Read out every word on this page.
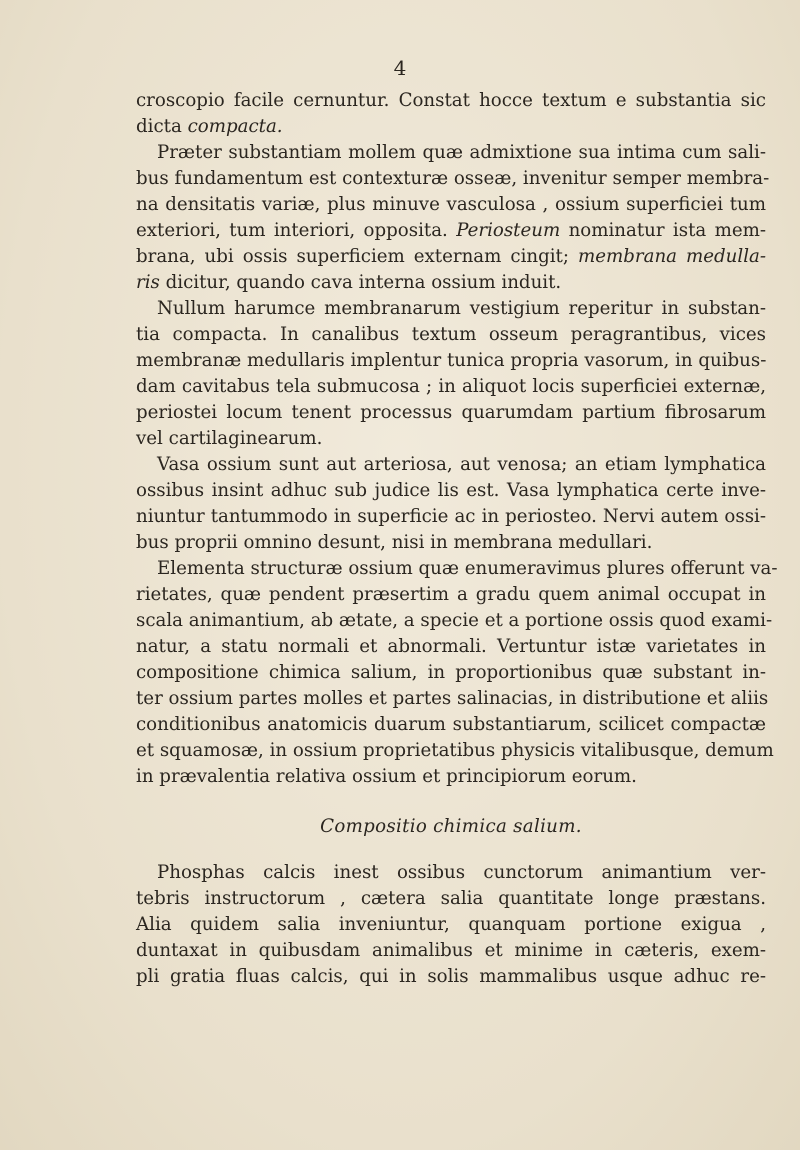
4
croscopio facile cernuntur. Constat hocce textum e substantia sic
dicta compacta.
Præter substantiam mollem quæ admixtione sua intima cum sali-
bus fundamentum est contexturæ osseæ, invenitur semper membra-
na densitatis variæ, plus minuve vasculosa , ossium superficiei tum
exteriori, tum interiori, opposita. Periosteum nominatur ista mem-
brana, ubi ossis superficiem externam cingit; membrana medulla-
ris dicitur, quando cava interna ossium induit.
Nullum harumce membranarum vestigium reperitur in substan-
tia compacta. In canalibus textum osseum peragrantibus, vices
membranæ medullaris implentur tunica propria vasorum, in quibus-
dam cavitabus tela submucosa ; in aliquot locis superficiei externæ,
periostei locum tenent processus quarumdam partium fibrosarum
vel cartilaginearum.
Vasa ossium sunt aut arteriosa, aut venosa; an etiam lymphatica
ossibus insint adhuc sub judice lis est. Vasa lymphatica certe inve-
niuntur tantummodo in superficie ac in periosteo. Nervi autem ossi-
bus proprii omnino desunt, nisi in membrana medullari.
Elementa structuræ ossium quæ enumeravimus plures offerunt va-
rietates, quæ pendent præsertim a gradu quem animal occupat in
scala animantium, ab ætate, a specie et a portione ossis quod exami-
natur, a statu normali et abnormali. Vertuntur istæ varietates in
compositione chimica salium, in proportionibus quæ substant in-
ter ossium partes molles et partes salinacias, in distributione et aliis
conditionibus anatomicis duarum substantiarum, scilicet compactæ
et squamosæ, in ossium proprietatibus physicis vitalibusque, demum
in prævalentia relativa ossium et principiorum eorum.
Compositio chimica salium.
Phosphas calcis inest ossibus cunctorum animantium ver-
tebris instructorum , cætera salia quantitate longe præstans.
Alia quidem salia inveniuntur, quanquam portione exigua ,
duntaxat in quibusdam animalibus et minime in cæteris, exem-
pli gratia fluas calcis, qui in solis mammalibus usque adhuc re-
